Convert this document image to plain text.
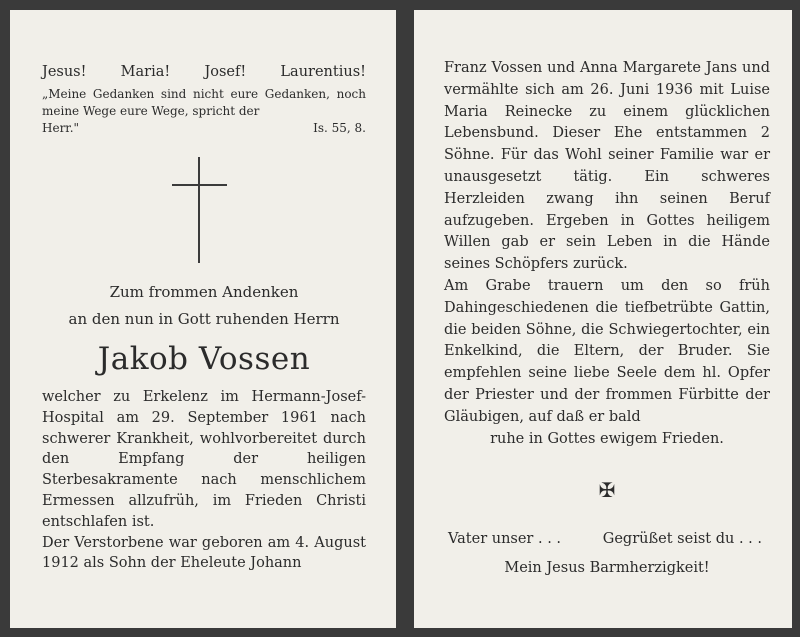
Jesus! Maria! Josef! Laurentius!
„Meine Gedanken sind nicht eure Gedanken, noch meine Wege eure Wege, spricht der
Herr."	Is. 55, 8.
Zum frommen Andenken
an den nun in Gott ruhenden Herrn
Jakob Vossen
welcher zu Erkelenz im Hermann-Josef-Hospital am 29. September 1961 nach schwerer Krankheit, wohlvorbereitet durch den Empfang der heiligen Sterbesakramente nach menschlichem Ermessen allzufrüh, im Frieden Christi entschlafen ist.
Der Verstorbene war geboren am 4. August 1912 als Sohn der Eheleute Johann
Franz Vossen und Anna Margarete Jans und vermählte sich am 26. Juni 1936 mit Luise Maria Reinecke zu einem glücklichen Lebensbund. Dieser Ehe entstammen 2 Söhne. Für das Wohl seiner Familie war er unausgesetzt tätig. Ein schweres Herzleiden zwang ihn seinen Beruf aufzugeben. Ergeben in Gottes heiligem Willen gab er sein Leben in die Hände seines Schöpfers zurück.
Am Grabe trauern um den so früh Dahingeschiedenen die tiefbetrübte Gattin, die beiden Söhne, die Schwiegertochter, ein Enkelkind, die Eltern, der Bruder. Sie empfehlen seine liebe Seele dem hl. Opfer der Priester und der frommen Fürbitte der Gläubigen, auf daß er bald
ruhe in Gottes ewigem Frieden.
✠
Vater unser . . .	Gegrüßet seist du . . .
Mein Jesus Barmherzigkeit!
